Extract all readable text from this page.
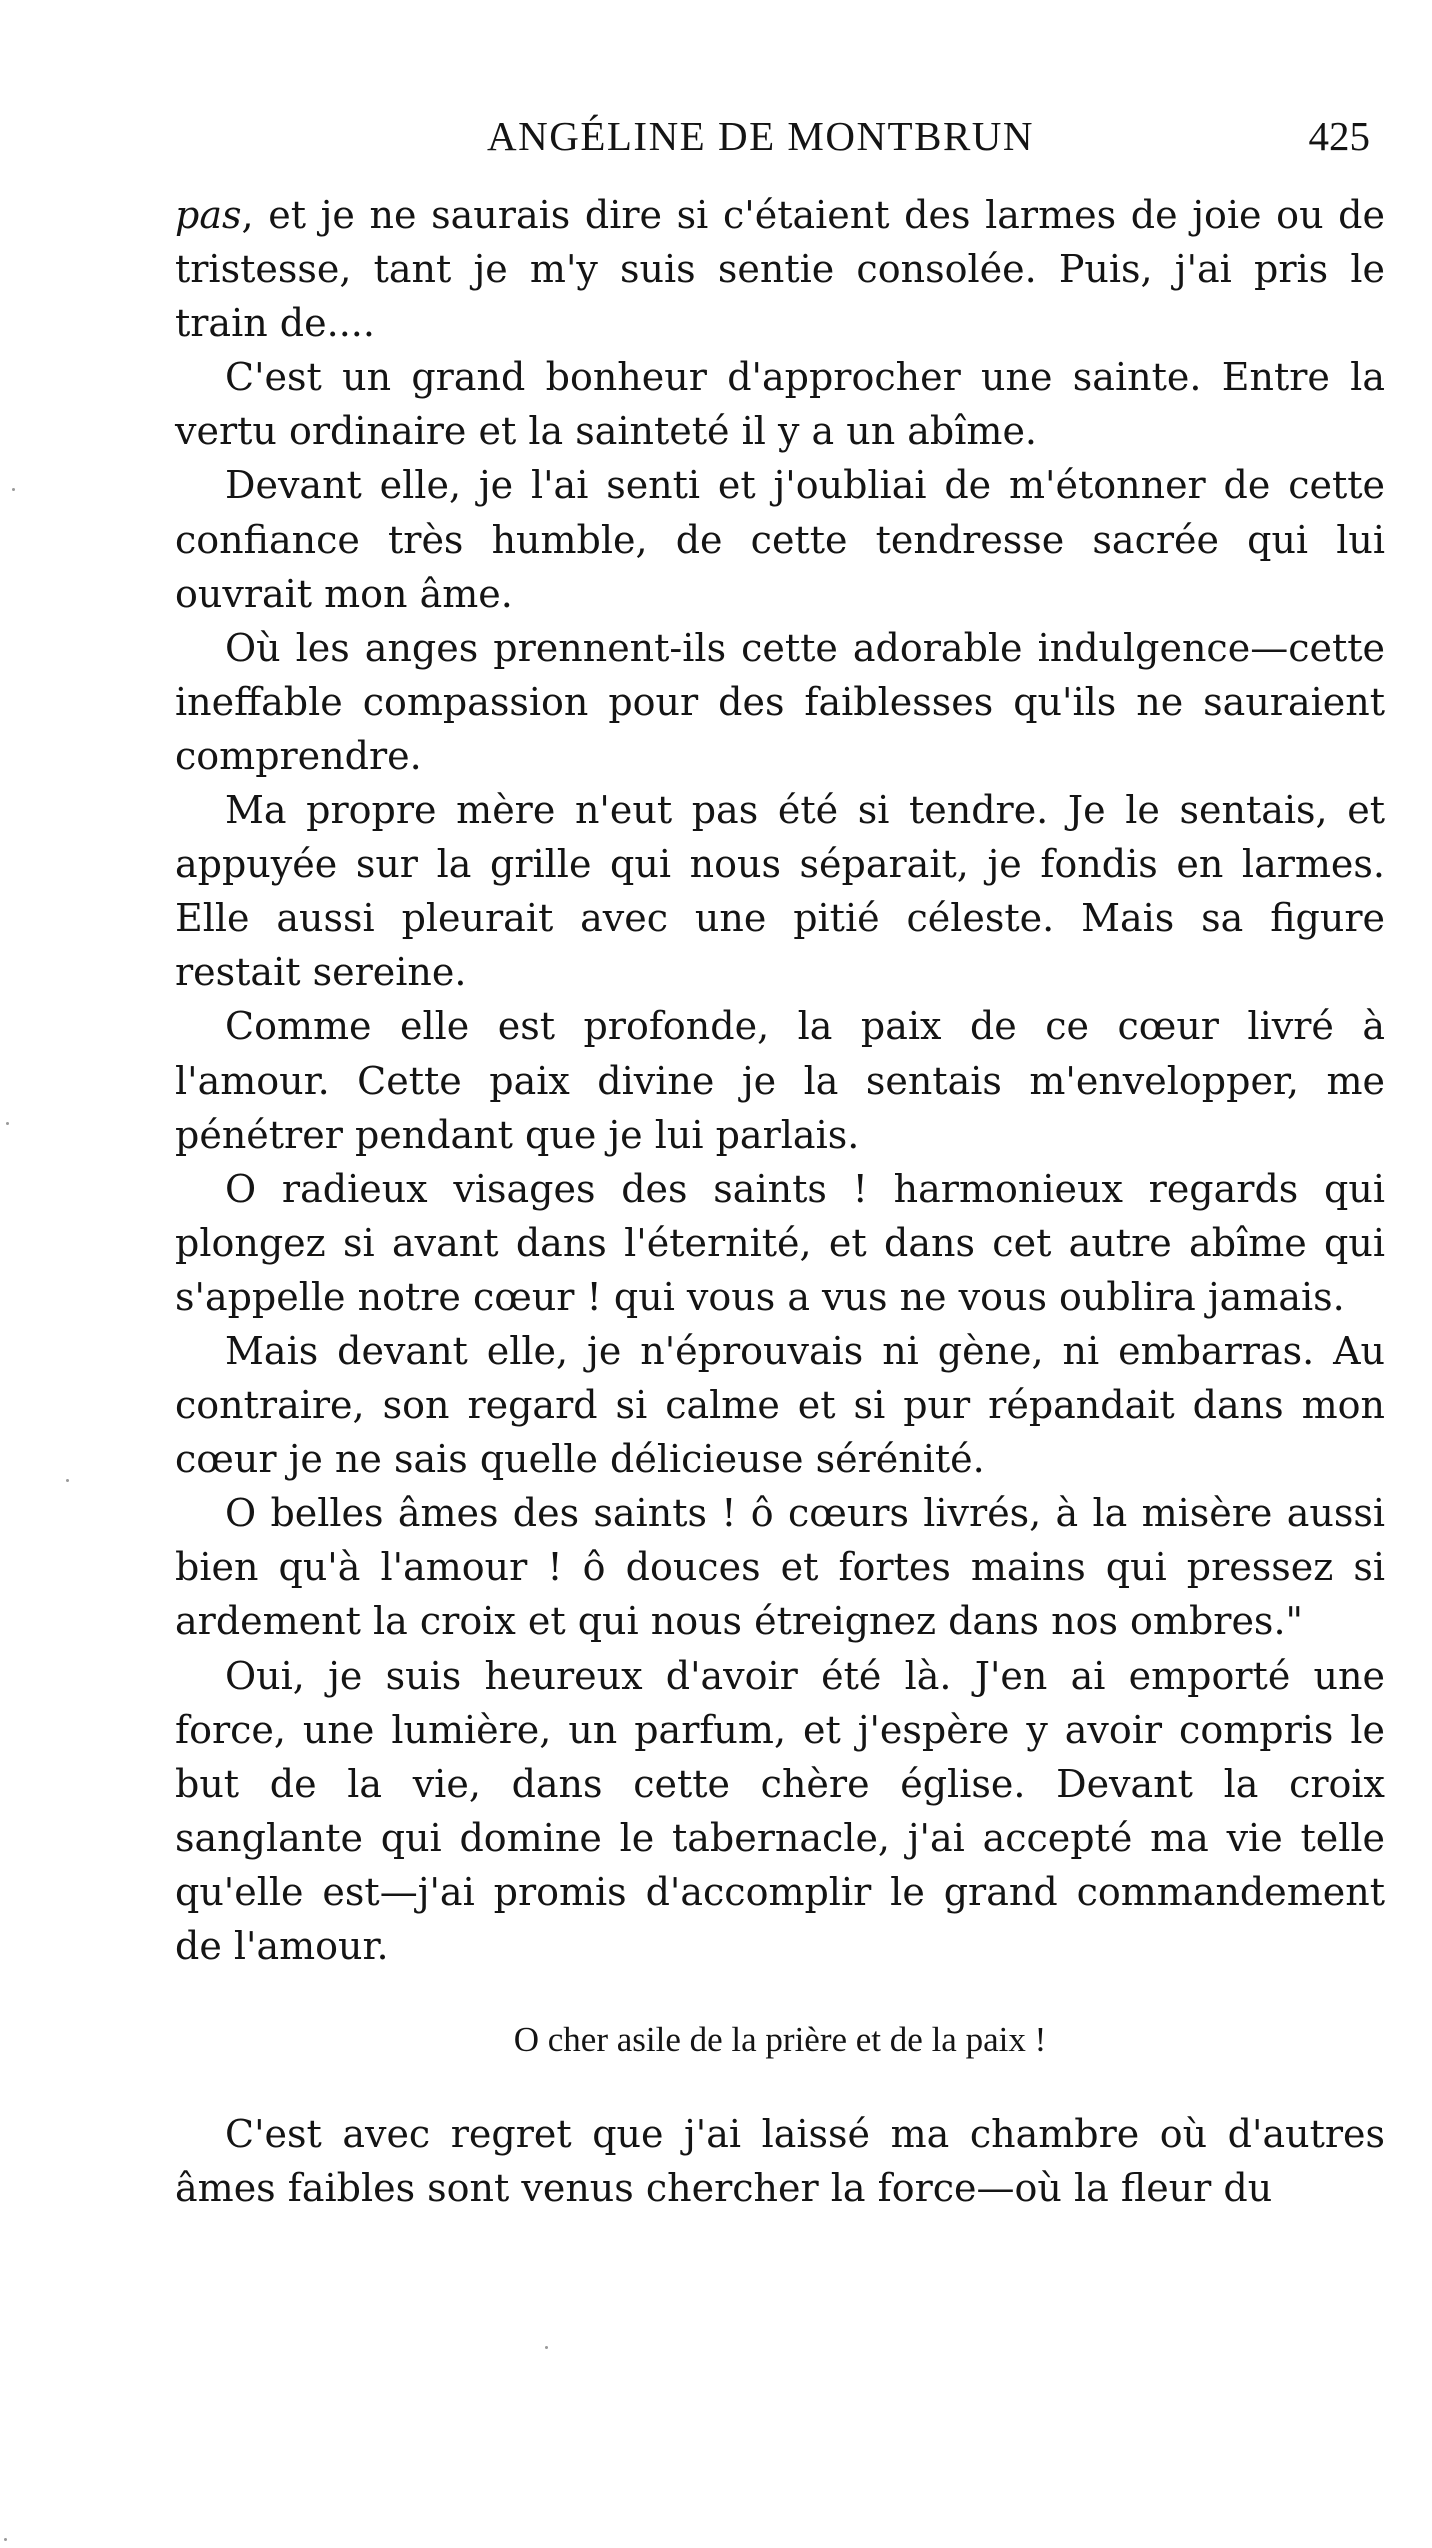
ANGÉLINE DE MONTBRUN	425

pas, et je ne saurais dire si c'étaient des larmes de joie ou de tristesse, tant je m'y suis sentie consolée. Puis, j'ai pris le train de....

C'est un grand bonheur d'approcher une sainte. Entre la vertu ordinaire et la sainteté il y a un abîme.

Devant elle, je l'ai senti et j'oubliai de m'étonner de cette confiance très humble, de cette tendresse sacrée qui lui ouvrait mon âme.

Où les anges prennent-ils cette adorable indulgence—cette ineffable compassion pour des faiblesses qu'ils ne sauraient comprendre.

Ma propre mère n'eut pas été si tendre. Je le sentais, et appuyée sur la grille qui nous séparait, je fondis en larmes. Elle aussi pleurait avec une pitié céleste. Mais sa figure restait sereine.

Comme elle est profonde, la paix de ce cœur livré à l'amour. Cette paix divine je la sentais m'envelopper, me pénétrer pendant que je lui parlais.

O radieux visages des saints ! harmonieux regards qui plongez si avant dans l'éternité, et dans cet autre abîme qui s'appelle notre cœur ! qui vous a vus ne vous oublira jamais.

Mais devant elle, je n'éprouvais ni gène, ni embarras. Au contraire, son regard si calme et si pur répandait dans mon cœur je ne sais quelle délicieuse sérénité.

O belles âmes des saints ! ô cœurs livrés, à la misère aussi bien qu'à l'amour ! ô douces et fortes mains qui pressez si ardement la croix et qui nous étreignez dans nos ombres."

Oui, je suis heureux d'avoir été là. J'en ai emporté une force, une lumière, un parfum, et j'espère y avoir compris le but de la vie, dans cette chère église. Devant la croix sanglante qui domine le tabernacle, j'ai accepté ma vie telle qu'elle est—j'ai promis d'accomplir le grand commandement de l'amour.

O cher asile de la prière et de la paix !

C'est avec regret que j'ai laissé ma chambre où d'autres âmes faibles sont venus chercher la force—où la fleur du
